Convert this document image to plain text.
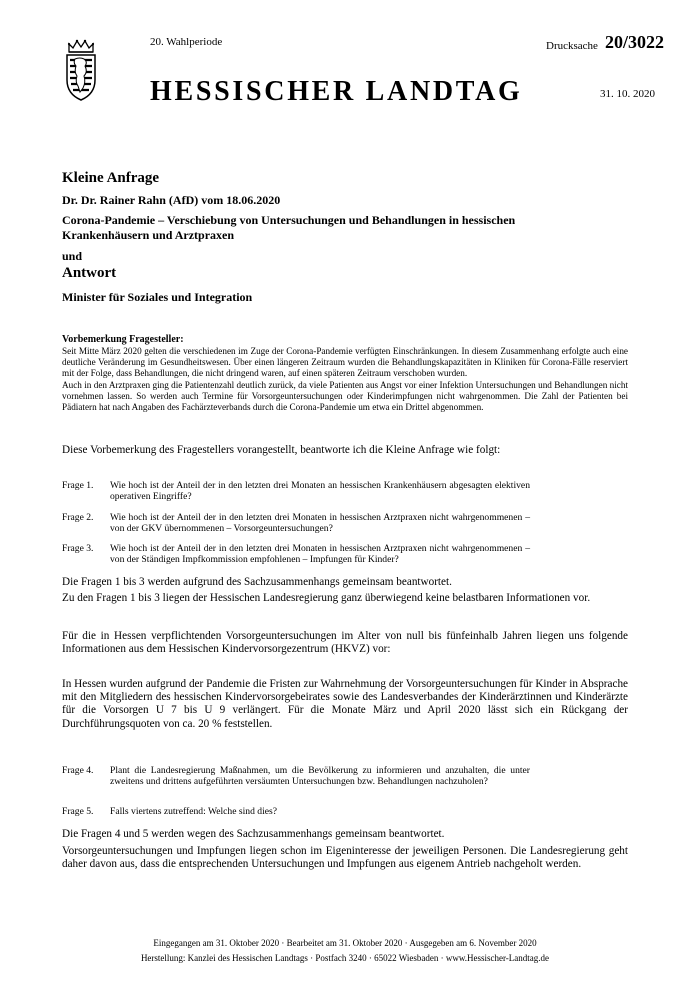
20. Wahlperiode	Drucksache 20/3022
HESSISCHER LANDTAG	31. 10. 2020
Kleine Anfrage
Dr. Dr. Rainer Rahn (AfD) vom 18.06.2020
Corona-Pandemie – Verschiebung von Untersuchungen und Behandlungen in hessischen Krankenhäusern und Arztpraxen
und
Antwort
Minister für Soziales und Integration
Vorbemerkung Fragesteller:

Seit Mitte März 2020 gelten die verschiedenen im Zuge der Corona-Pandemie verfügten Einschränkungen. In diesem Zusammenhang erfolgte auch eine deutliche Veränderung im Gesundheitswesen. Über einen längeren Zeitraum wurden die Behandlungskapazitäten in Kliniken für Corona-Fälle reserviert mit der Folge, dass Behandlungen, die nicht dringend waren, auf einen späteren Zeitraum verschoben wurden.

Auch in den Arztpraxen ging die Patientenzahl deutlich zurück, da viele Patienten aus Angst vor einer Infektion Untersuchungen und Behandlungen nicht vornehmen lassen. So werden auch Termine für Vorsorgeuntersuchungen oder Kinderimpfungen nicht wahrgenommen. Die Zahl der Patienten bei Pädiatern hat nach Angaben des Fachärzteverbands durch die Corona-Pandemie um etwa ein Drittel abgenommen.

Diese Vorbemerkung des Fragestellers vorangestellt, beantworte ich die Kleine Anfrage wie folgt:
Frage 1.	Wie hoch ist der Anteil der in den letzten drei Monaten an hessischen Krankenhäusern abgesagten elektiven operativen Eingriffe?
Frage 2.	Wie hoch ist der Anteil der in den letzten drei Monaten in hessischen Arztpraxen nicht wahrgenommenen – von der GKV übernommenen – Vorsorgeuntersuchungen?
Frage 3.	Wie hoch ist der Anteil der in den letzten drei Monaten in hessischen Arztpraxen nicht wahrgenommenen – von der Ständigen Impfkommission empfohlenen – Impfungen für Kinder?
Die Fragen 1 bis 3 werden aufgrund des Sachzusammenhangs gemeinsam beantwortet.
Zu den Fragen 1 bis 3 liegen der Hessischen Landesregierung ganz überwiegend keine belastbaren Informationen vor.
Für die in Hessen verpflichtenden Vorsorgeuntersuchungen im Alter von null bis fünfeinhalb Jahren liegen uns folgende Informationen aus dem Hessischen Kindervorsorgezentrum (HKVZ) vor:
In Hessen wurden aufgrund der Pandemie die Fristen zur Wahrnehmung der Vorsorgeuntersuchungen für Kinder in Absprache mit den Mitgliedern des hessischen Kindervorsorgebeirates sowie des Landesverbandes der Kinderärztinnen und Kinderärzte für die Vorsorgen U 7 bis U 9 verlängert. Für die Monate März und April 2020 lässt sich ein Rückgang der Durchführungsquoten von ca. 20 % feststellen.
Frage 4.	Plant die Landesregierung Maßnahmen, um die Bevölkerung zu informieren und anzuhalten, die unter zweitens und drittens aufgeführten versäumten Untersuchungen bzw. Behandlungen nachzuholen?
Frage 5.	Falls viertens zutreffend: Welche sind dies?
Die Fragen 4 und 5 werden wegen des Sachzusammenhangs gemeinsam beantwortet.
Vorsorgeuntersuchungen und Impfungen liegen schon im Eigeninteresse der jeweiligen Personen. Die Landesregierung geht daher davon aus, dass die entsprechenden Untersuchungen und Impfungen aus eigenem Antrieb nachgeholt werden.
Eingegangen am 31. Oktober 2020 · Bearbeitet am 31. Oktober 2020 · Ausgegeben am 6. November 2020
Herstellung: Kanzlei des Hessischen Landtags · Postfach 3240 · 65022 Wiesbaden · www.Hessischer-Landtag.de
